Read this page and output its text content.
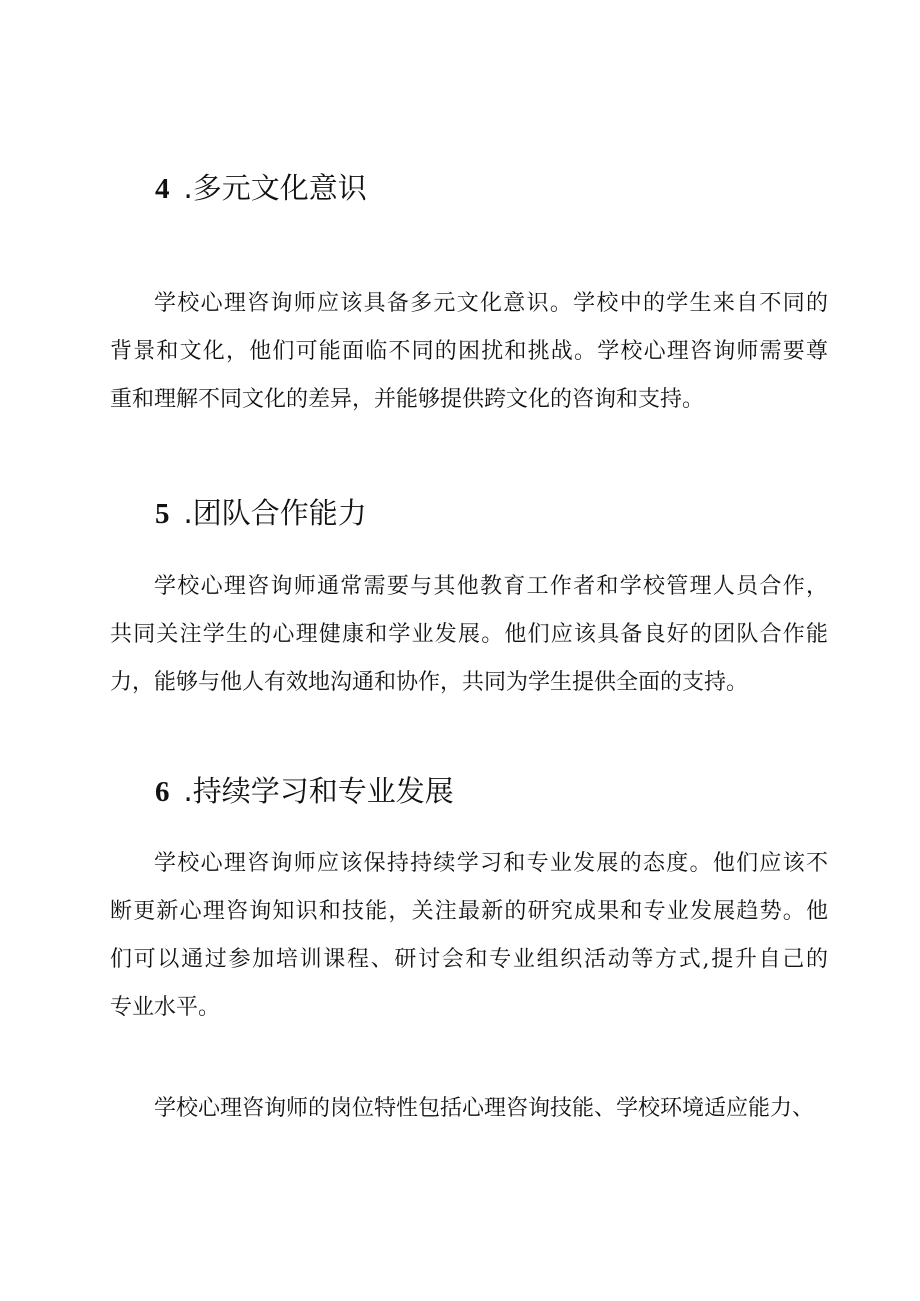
4 .多元文化意识

学校心理咨询师应该具备多元文化意识。学校中的学生来自不同的
背景和文化，他们可能面临不同的困扰和挑战。学校心理咨询师需要尊
重和理解不同文化的差异，并能够提供跨文化的咨询和支持。

5 .团队合作能力

学校心理咨询师通常需要与其他教育工作者和学校管理人员合作，
共同关注学生的心理健康和学业发展。他们应该具备良好的团队合作能
力，能够与他人有效地沟通和协作，共同为学生提供全面的支持。

6 .持续学习和专业发展

学校心理咨询师应该保持持续学习和专业发展的态度。他们应该不
断更新心理咨询知识和技能，关注最新的研究成果和专业发展趋势。他
们可以通过参加培训课程、研讨会和专业组织活动等方式,提升自己的
专业水平。

学校心理咨询师的岗位特性包括心理咨询技能、学校环境适应能力、
